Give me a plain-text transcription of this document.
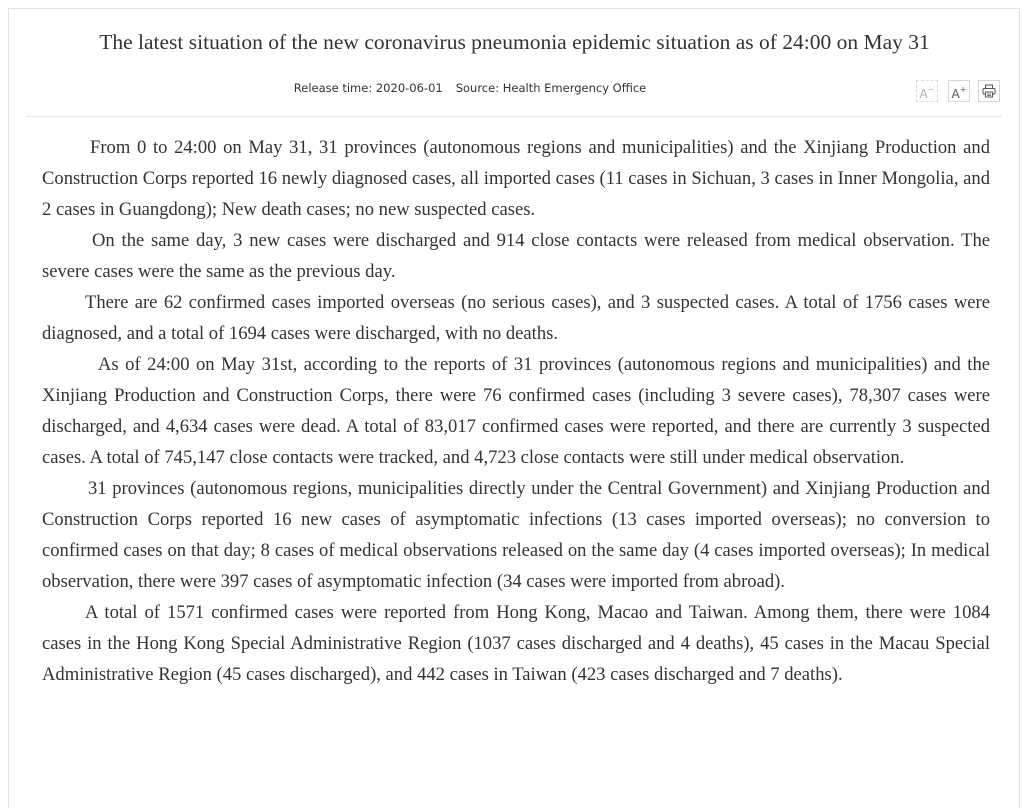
The latest situation of the new coronavirus pneumonia epidemic situation as of 24:00 on May 31
Release time: 2020-06-01 Source: Health Emergency Office	A− A+

From 0 to 24:00 on May 31, 31 provinces (autonomous regions and municipalities) and the Xinjiang Production and Construction Corps reported 16 newly diagnosed cases, all imported cases (11 cases in Sichuan, 3 cases in Inner Mongolia, and 2 cases in Guangdong); New death cases; no new suspected cases.

On the same day, 3 new cases were discharged and 914 close contacts were released from medical observation. The severe cases were the same as the previous day.

There are 62 confirmed cases imported overseas (no serious cases), and 3 suspected cases. A total of 1756 cases were diagnosed, and a total of 1694 cases were discharged, with no deaths.

As of 24:00 on May 31st, according to the reports of 31 provinces (autonomous regions and municipalities) and the Xinjiang Production and Construction Corps, there were 76 confirmed cases (including 3 severe cases), 78,307 cases were discharged, and 4,634 cases were dead. A total of 83,017 confirmed cases were reported, and there are currently 3 suspected cases. A total of 745,147 close contacts were tracked, and 4,723 close contacts were still under medical observation.

31 provinces (autonomous regions, municipalities directly under the Central Government) and Xinjiang Production and Construction Corps reported 16 new cases of asymptomatic infections (13 cases imported overseas); no conversion to confirmed cases on that day; 8 cases of medical observations released on the same day (4 cases imported overseas); In medical observation, there were 397 cases of asymptomatic infection (34 cases were imported from abroad).

A total of 1571 confirmed cases were reported from Hong Kong, Macao and Taiwan. Among them, there were 1084 cases in the Hong Kong Special Administrative Region (1037 cases discharged and 4 deaths), 45 cases in the Macau Special Administrative Region (45 cases discharged), and 442 cases in Taiwan (423 cases discharged and 7 deaths).
